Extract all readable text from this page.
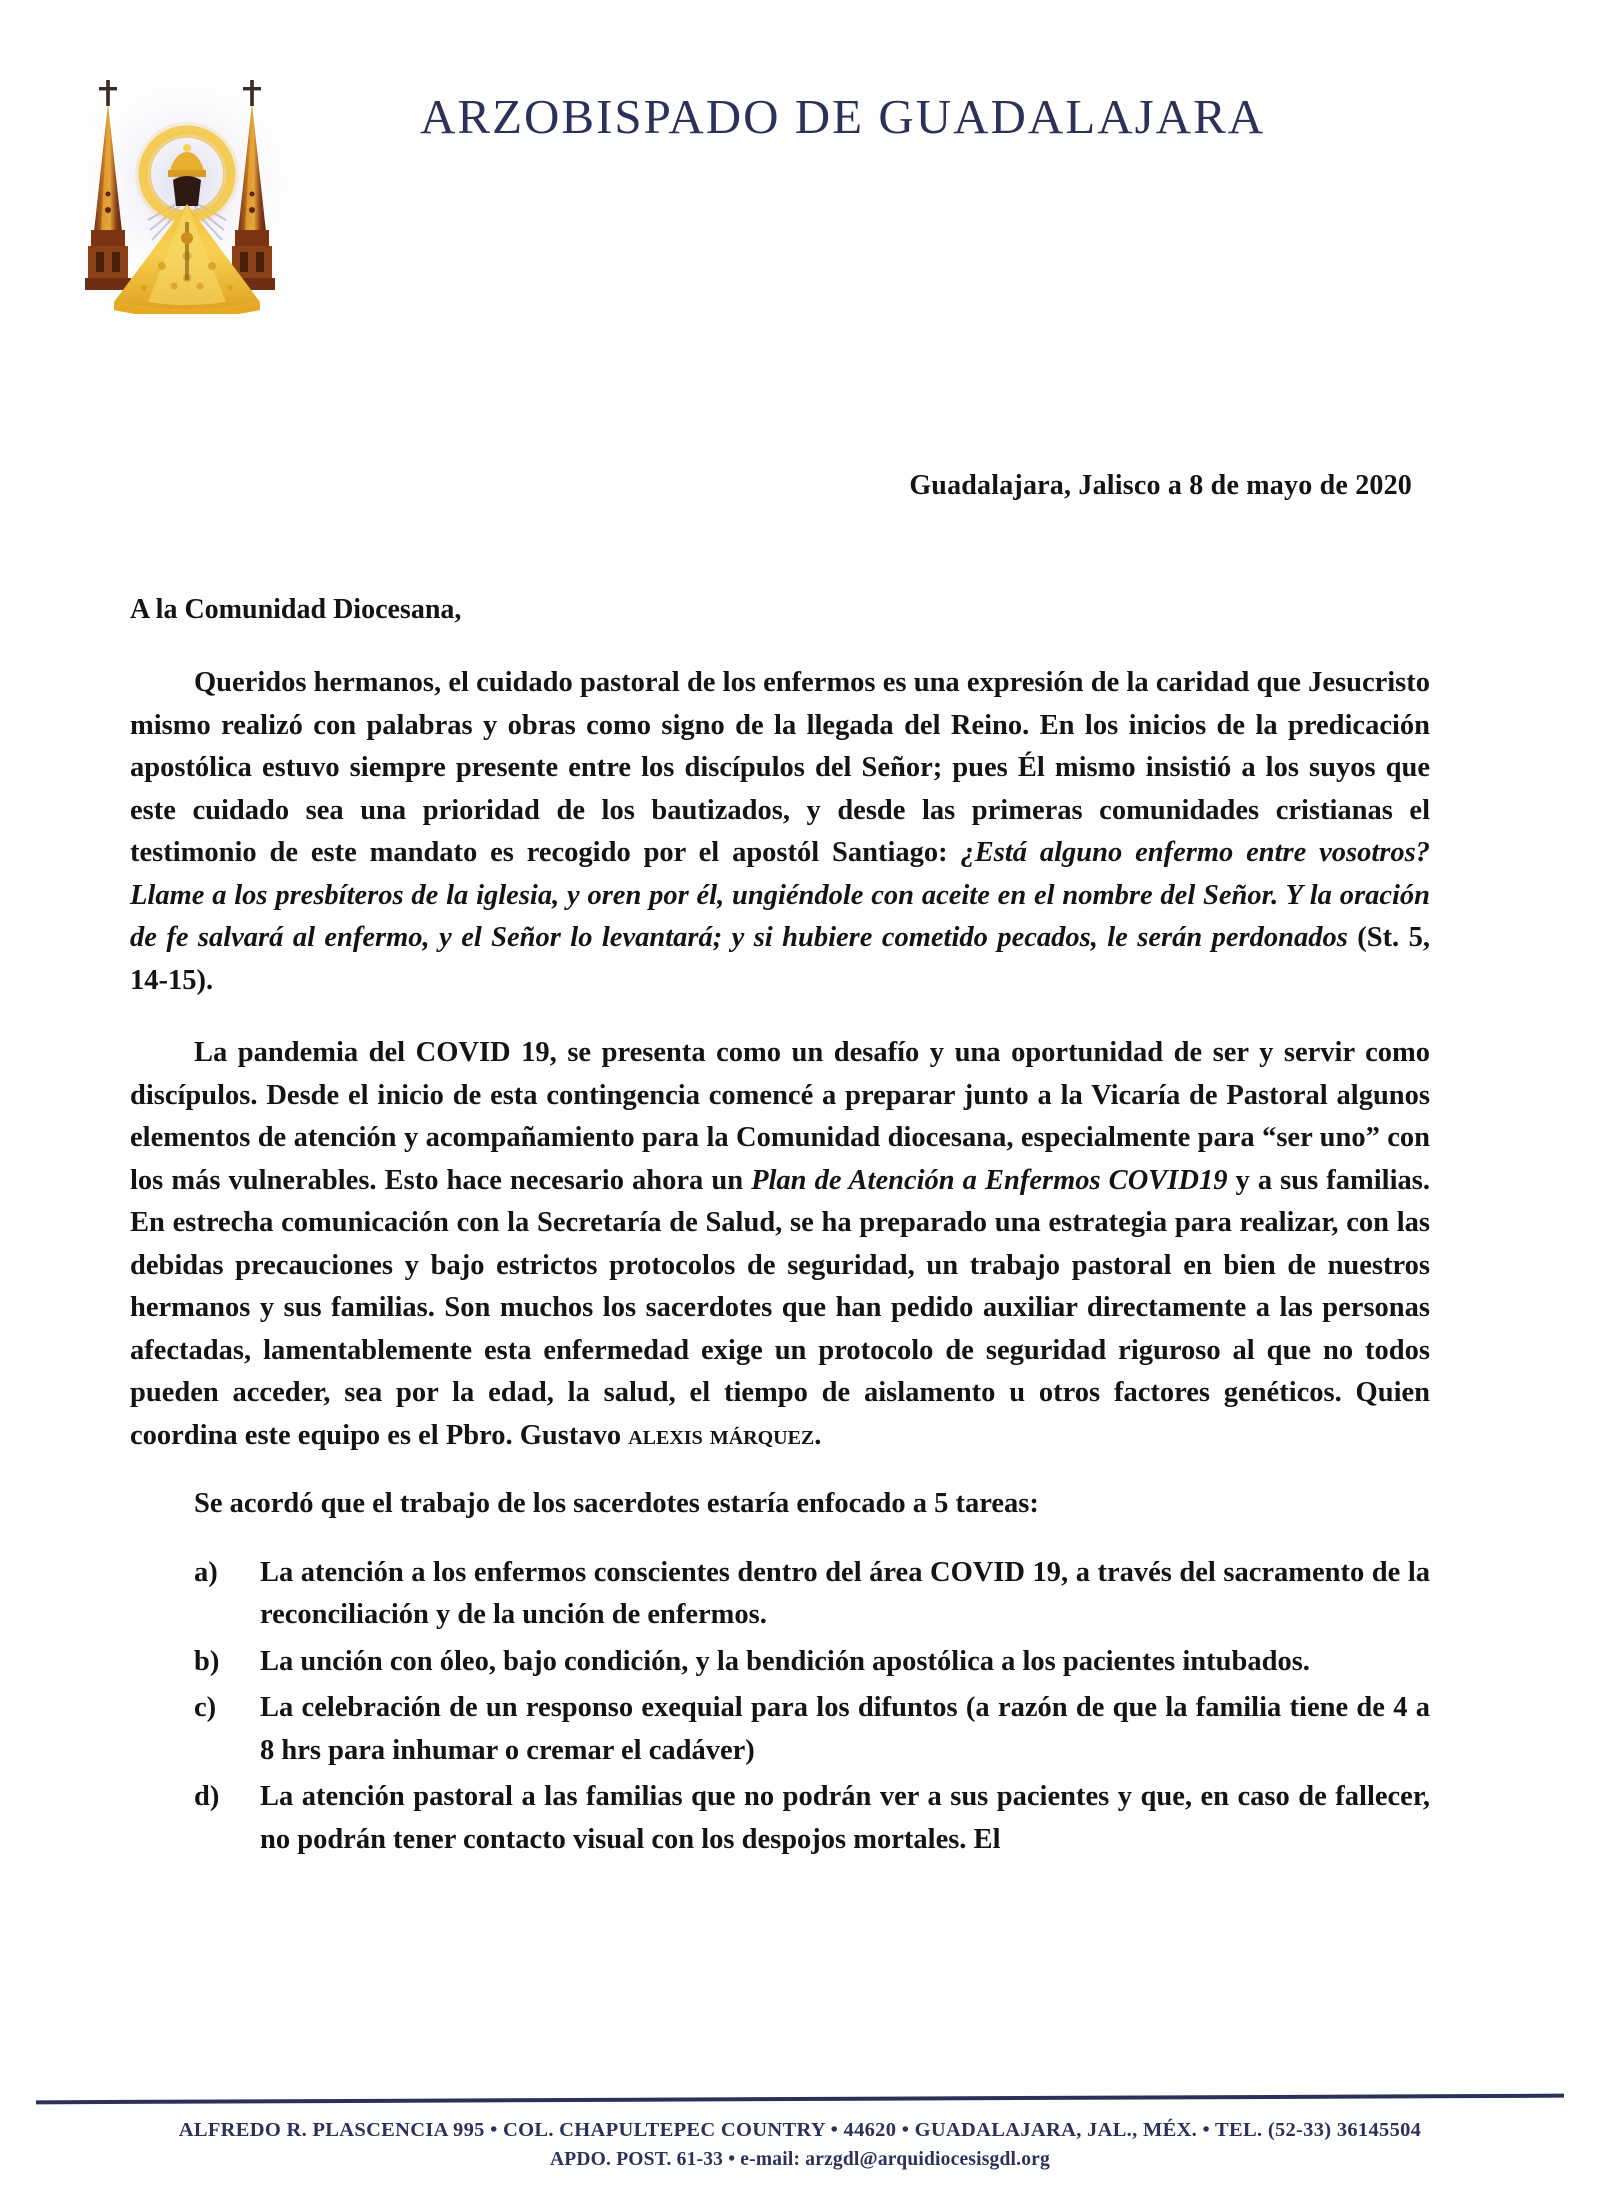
ARZOBISPADO DE GUADALAJARA
Guadalajara, Jalisco a 8 de mayo de 2020
A la Comunidad Diocesana,

Queridos hermanos, el cuidado pastoral de los enfermos es una expresión de la caridad que Jesucristo mismo realizó con palabras y obras como signo de la llegada del Reino. En los inicios de la predicación apostólica estuvo siempre presente entre los discípulos del Señor; pues Él mismo insistió a los suyos que este cuidado sea una prioridad de los bautizados, y desde las primeras comunidades cristianas el testimonio de este mandato es recogido por el apostól Santiago: ¿Está alguno enfermo entre vosotros? Llame a los presbíteros de la iglesia, y oren por él, ungiéndole con aceite en el nombre del Señor. Y la oración de fe salvará al enfermo, y el Señor lo levantará; y si hubiere cometido pecados, le serán perdonados (St. 5, 14-15).

La pandemia del COVID 19, se presenta como un desafío y una oportunidad de ser y servir como discípulos. Desde el inicio de esta contingencia comencé a preparar junto a la Vicaría de Pastoral algunos elementos de atención y acompañamiento para la Comunidad diocesana, especialmente para “ser uno” con los más vulnerables. Esto hace necesario ahora un Plan de Atención a Enfermos COVID19 y a sus familias. En estrecha comunicación con la Secretaría de Salud, se ha preparado una estrategia para realizar, con las debidas precauciones y bajo estrictos protocolos de seguridad, un trabajo pastoral en bien de nuestros hermanos y sus familias. Son muchos los sacerdotes que han pedido auxiliar directamente a las personas afectadas, lamentablemente esta enfermedad exige un protocolo de seguridad riguroso al que no todos pueden acceder, sea por la edad, la salud, el tiempo de aislamento u otros factores genéticos. Quien coordina este equipo es el Pbro. Gustavo alexis márquez.

Se acordó que el trabajo de los sacerdotes estaría enfocado a 5 tareas:
a)	La atención a los enfermos conscientes dentro del área COVID 19, a través del sacramento de la reconciliación y de la unción de enfermos.
b)	La unción con óleo, bajo condición, y la bendición apostólica a los pacientes intubados.
c)	La celebración de un responso exequial para los difuntos (a razón de que la familia tiene de 4 a 8 hrs para inhumar o cremar el cadáver)
d)	La atención pastoral a las familias que no podrán ver a sus pacientes y que, en caso de fallecer, no podrán tener contacto visual con los despojos mortales. El
ALFREDO R. PLASCENCIA 995 • COL. CHAPULTEPEC COUNTRY • 44620 • GUADALAJARA, JAL., MÉX. • TEL. (52-33) 36145504
APDO. POST. 61-33 • e-mail: arzgdl@arquidiocesisgdl.org
